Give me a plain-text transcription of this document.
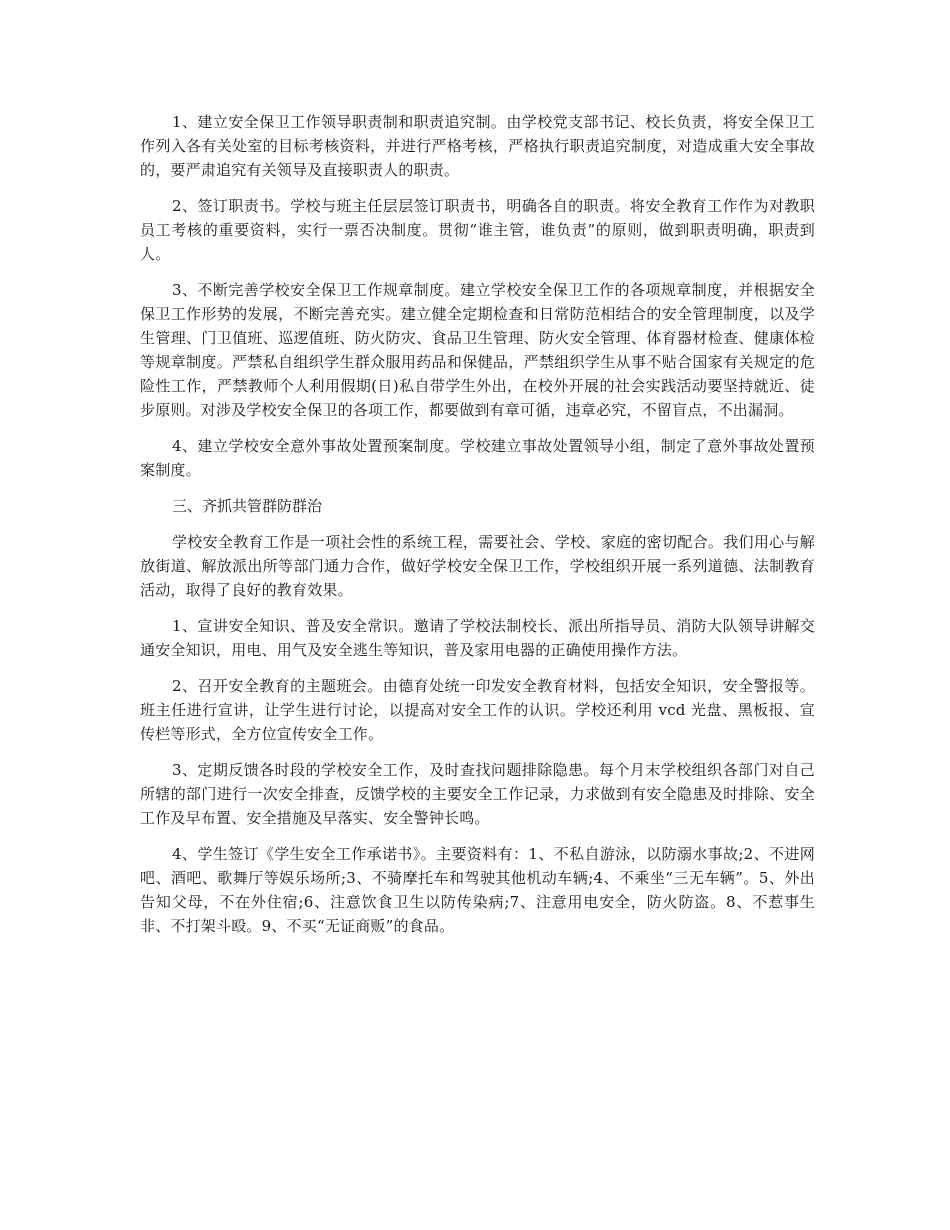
1、建立安全保卫工作领导职责制和职责追究制。由学校党支部书记、校长负责，将安全保卫工作列入各有关处室的目标考核资料，并进行严格考核，严格执行职责追究制度，对造成重大安全事故的，要严肃追究有关领导及直接职责人的职责。

2、签订职责书。学校与班主任层层签订职责书，明确各自的职责。将安全教育工作作为对教职员工考核的重要资料，实行一票否决制度。贯彻“谁主管，谁负责”的原则，做到职责明确，职责到人。

3、不断完善学校安全保卫工作规章制度。建立学校安全保卫工作的各项规章制度，并根据安全保卫工作形势的发展，不断完善充实。建立健全定期检查和日常防范相结合的安全管理制度，以及学生管理、门卫值班、巡逻值班、防火防灾、食品卫生管理、防火安全管理、体育器材检查、健康体检等规章制度。严禁私自组织学生群众服用药品和保健品，严禁组织学生从事不贴合国家有关规定的危险性工作，严禁教师个人利用假期(日)私自带学生外出，在校外开展的社会实践活动要坚持就近、徒步原则。对涉及学校安全保卫的各项工作，都要做到有章可循，违章必究，不留盲点，不出漏洞。

4、建立学校安全意外事故处置预案制度。学校建立事故处置领导小组，制定了意外事故处置预案制度。

三、齐抓共管群防群治

学校安全教育工作是一项社会性的系统工程，需要社会、学校、家庭的密切配合。我们用心与解放街道、解放派出所等部门通力合作，做好学校安全保卫工作，学校组织开展一系列道德、法制教育活动，取得了良好的教育效果。

1、宣讲安全知识、普及安全常识。邀请了学校法制校长、派出所指导员、消防大队领导讲解交通安全知识，用电、用气及安全逃生等知识，普及家用电器的正确使用操作方法。

2、召开安全教育的主题班会。由德育处统一印发安全教育材料，包括安全知识，安全警报等。班主任进行宣讲，让学生进行讨论，以提高对安全工作的认识。学校还利用 vcd 光盘、黑板报、宣传栏等形式，全方位宣传安全工作。

3、定期反馈各时段的学校安全工作，及时查找问题排除隐患。每个月末学校组织各部门对自己所辖的部门进行一次安全排查，反馈学校的主要安全工作记录，力求做到有安全隐患及时排除、安全工作及早布置、安全措施及早落实、安全警钟长鸣。

4、学生签订《学生安全工作承诺书》。主要资料有：1、不私自游泳，以防溺水事故;2、不进网吧、酒吧、歌舞厅等娱乐场所;3、不骑摩托车和驾驶其他机动车辆;4、不乘坐“三无车辆”。5、外出告知父母，不在外住宿;6、注意饮食卫生以防传染病;7、注意用电安全，防火防盗。8、不惹事生非、不打架斗殴。9、不买“无证商贩”的食品。
